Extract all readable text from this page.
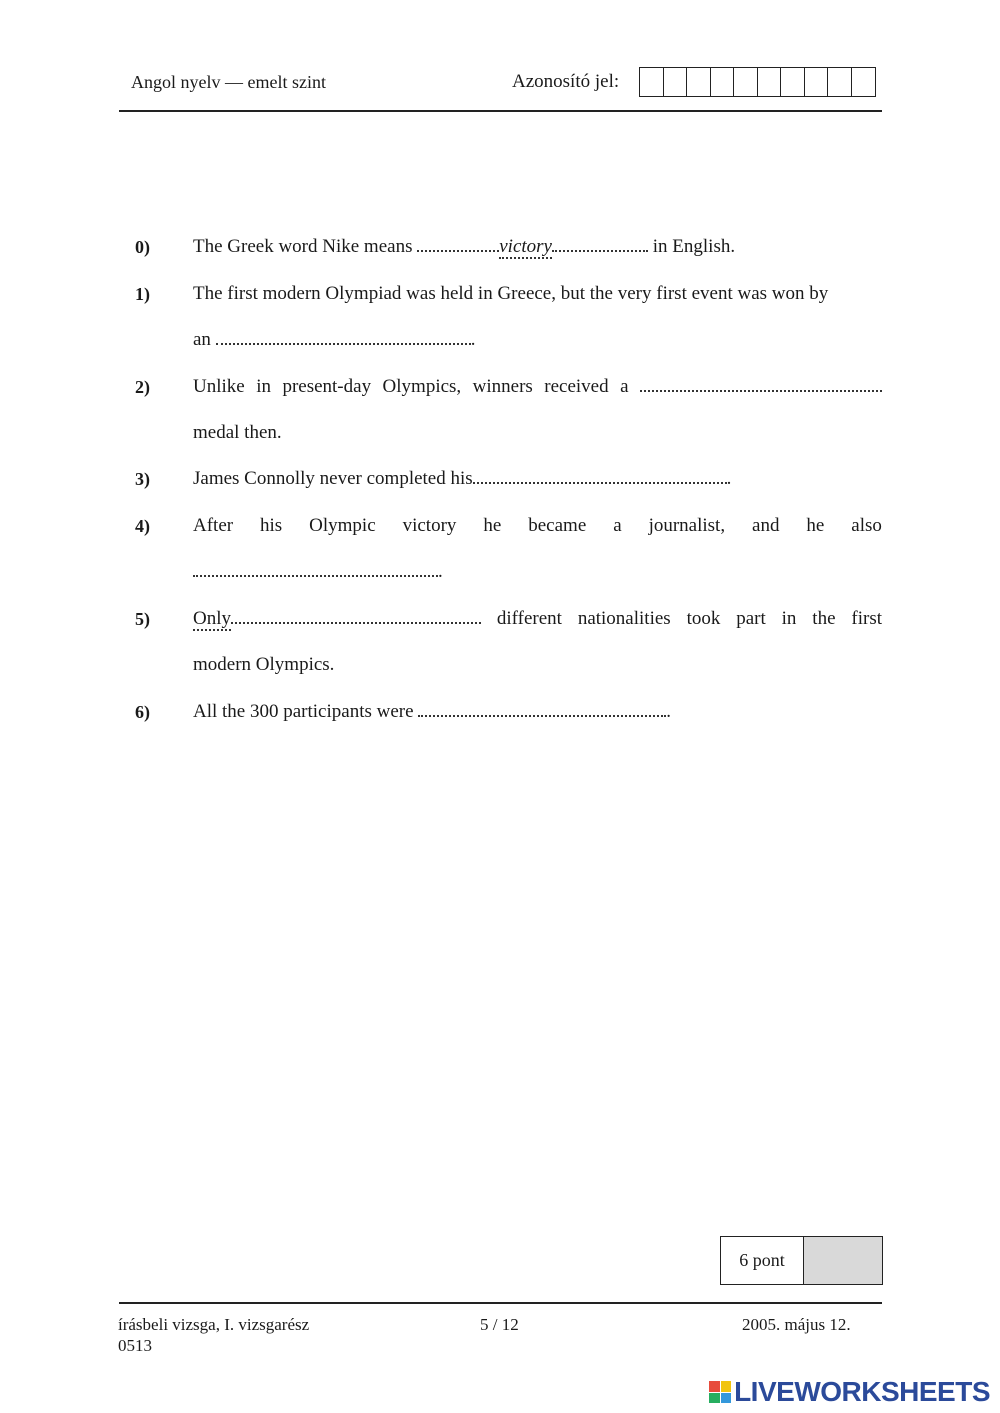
Angol nyelv — emelt szint	Azonosító jel:
0) The Greek word Nike means	victory	in English.
1) The first modern Olympiad was held in Greece, but the very first event was won by
an	.
2) Unlike in present-day Olympics, winners received a
medal then.
3) James Connolly never completed his	.
4) After his Olympic victory he became a journalist, and he also
.
5) Only	different nationalities took part in the first
modern Olympics.
6) All the 300 participants were	.
6 pont
írásbeli vizsga, I. vizsgarész
0513
5 / 12	2005. május 12.
LIVEWORKSHEETS
